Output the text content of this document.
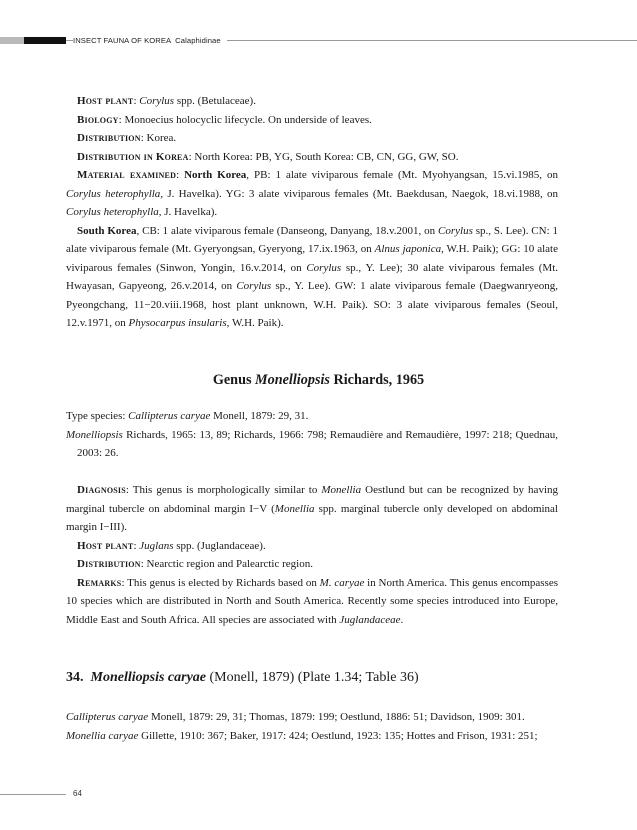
INSECT FAUNA OF KOREA Calaphidinae

Host plant: Corylus spp. (Betulaceae).

Biology: Monoecius holocyclic lifecycle. On underside of leaves.

Distribution: Korea.

Distribution in Korea: North Korea: PB, YG, South Korea: CB, CN, GG, GW, SO.

Material examined: North Korea, PB: 1 alate viviparous female (Mt. Myohyangsan, 15.vi.1985, on Corylus heterophylla, J. Havelka). YG: 3 alate viviparous females (Mt. Baekdusan, Naegok, 18.vi.1988, on Corylus heterophylla, J. Havelka).

South Korea, CB: 1 alate viviparous female (Danseong, Danyang, 18.v.2001, on Corylus sp., S. Lee). CN: 1 alate viviparous female (Mt. Gyeryongsan, Gyeryong, 17.ix.1963, on Alnus japonica, W.H. Paik); GG: 10 alate viviparous females (Sinwon, Yongin, 16.v.2014, on Corylus sp., Y. Lee); 30 alate viviparous females (Mt. Hwayasan, Gapyeong, 26.v.2014, on Corylus sp., Y. Lee). GW: 1 alate viviparous female (Daegwanryeong, Pyeongchang, 11−20.viii.1968, host plant unknown, W.H. Paik). SO: 3 alate viviparous females (Seoul, 12.v.1971, on Physocarpus insularis, W.H. Paik).

Genus Monelliopsis Richards, 1965

Type species: Callipterus caryae Monell, 1879: 29, 31.

Monelliopsis Richards, 1965: 13, 89; Richards, 1966: 798; Remaudière and Remaudière, 1997: 218; Quednau, 2003: 26.

Diagnosis: This genus is morphologically similar to Monellia Oestlund but can be recognized by having marginal tubercle on abdominal margin I−V (Monellia spp. marginal tubercle only developed on abdominal margin I−III).

Host plant: Juglans spp. (Juglandaceae).

Distribution: Nearctic region and Palearctic region.

Remarks: This genus is elected by Richards based on M. caryae in North America. This genus encompasses 10 species which are distributed in North and South America. Recently some species introduced into Europe, Middle East and South Africa. All species are associated with Juglandaceae.

34. Monelliopsis caryae (Monell, 1879) (Plate 1.34; Table 36)

Callipterus caryae Monell, 1879: 29, 31; Thomas, 1879: 199; Oestlund, 1886: 51; Davidson, 1909: 301.

Monellia caryae Gillette, 1910: 367; Baker, 1917: 424; Oestlund, 1923: 135; Hottes and Frison, 1931: 251;

64
